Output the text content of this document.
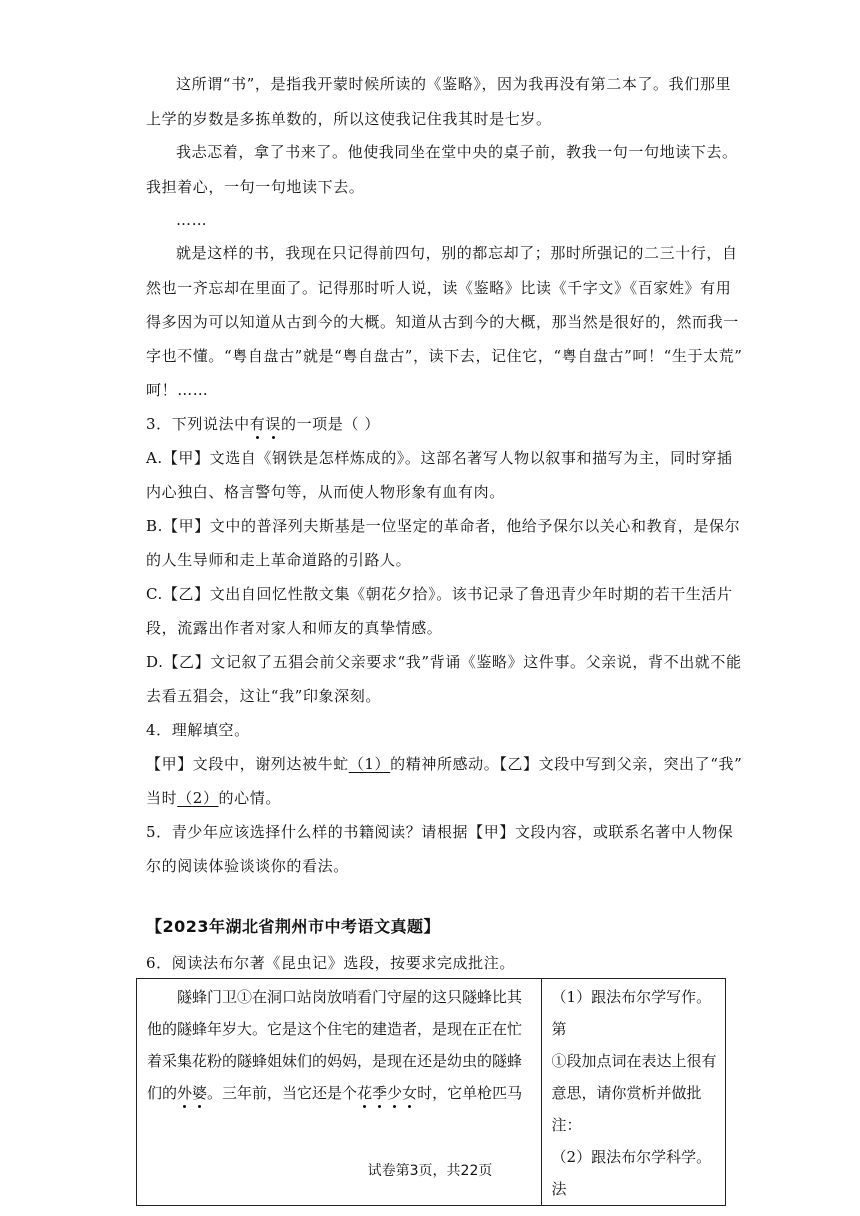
这所谓“书”，是指我开蒙时候所读的《鉴略》，因为我再没有第二本了。我们那里
上学的岁数是多拣单数的，所以这使我记住我其时是七岁。
我忐忑着，拿了书来了。他使我同坐在堂中央的桌子前，教我一句一句地读下去。
我担着心，一句一句地读下去。
……
就是这样的书，我现在只记得前四句，别的都忘却了；那时所强记的二三十行，自
然也一齐忘却在里面了。记得那时听人说，读《鉴略》比读《千字文》《百家姓》有用
得多因为可以知道从古到今的大概。知道从古到今的大概，那当然是很好的，然而我一
字也不懂。“粤自盘古”就是“粤自盘古”，读下去，记住它，“粤自盘古”呵！“生于太荒”
呵！……
3．下列说法中有误的一项是（ ）
A.【甲】文选自《钢铁是怎样炼成的》。这部名著写人物以叙事和描写为主，同时穿插
内心独白、格言警句等，从而使人物形象有血有肉。
B.【甲】文中的普泽列夫斯基是一位坚定的革命者，他给予保尔以关心和教育，是保尔
的人生导师和走上革命道路的引路人。
C.【乙】文出自回忆性散文集《朝花夕拾》。该书记录了鲁迅青少年时期的若干生活片
段，流露出作者对家人和师友的真挚情感。
D.【乙】文记叙了五猖会前父亲要求“我”背诵《鉴略》这件事。父亲说，背不出就不能
去看五猖会，这让“我”印象深刻。
4．理解填空。
【甲】文段中，谢列达被牛虻（1）的精神所感动。【乙】文段中写到父亲，突出了“我”
当时（2）的心情。
5．青少年应该选择什么样的书籍阅读？请根据【甲】文段内容，或联系名著中人物保
尔的阅读体验谈谈你的看法。
【2023年湖北省荆州市中考语文真题】
6．阅读法布尔著《昆虫记》选段，按要求完成批注。
隧蜂门卫①在洞口站岗放哨看门守屋的这只隧蜂比其
他的隧蜂年岁大。它是这个住宅的建造者，是现在正在忙
着采集花粉的隧蜂姐妹们的妈妈，是现在还是幼虫的隧蜂
们的外婆。三年前，当它还是个花季少女时，它单枪匹马

（1）跟法布尔学写作。第
①段加点词在表达上很有
意思，请你赏析并做批注：
（2）跟法布尔学科学。法
试卷第3页，共22页
